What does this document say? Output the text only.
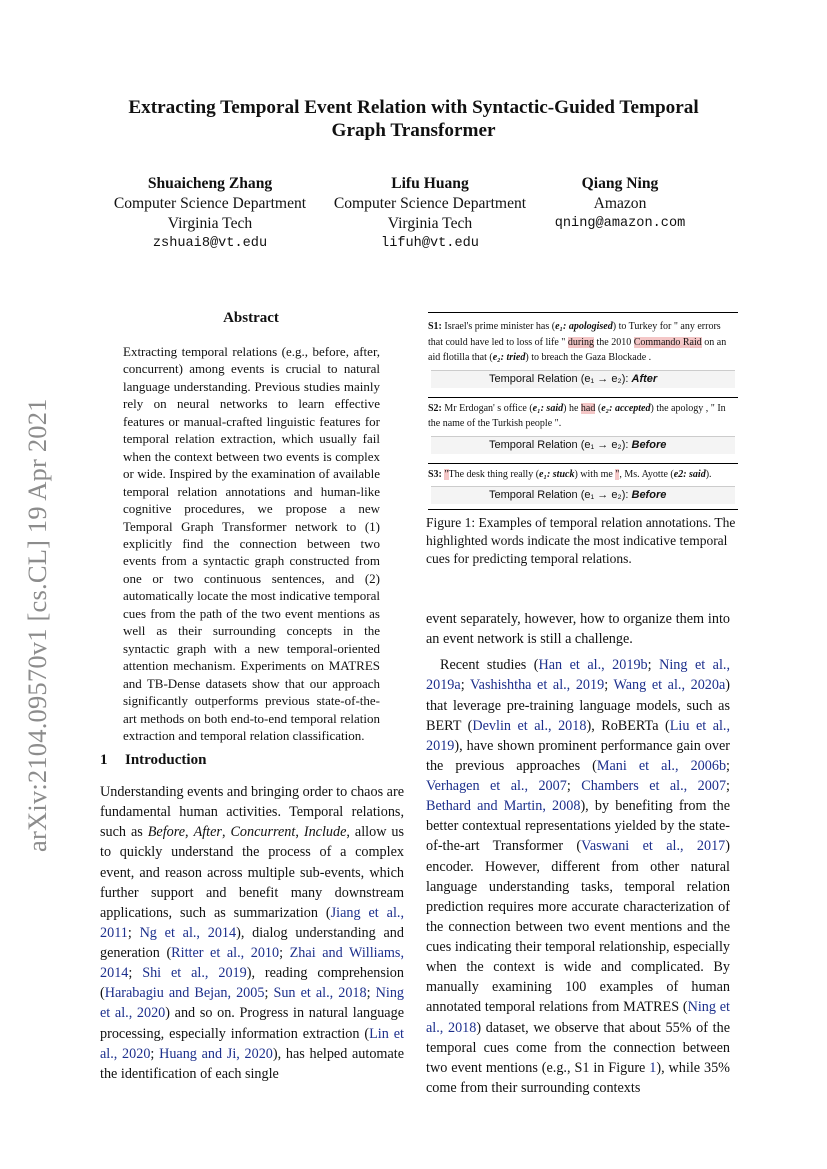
arXiv:2104.09570v1 [cs.CL] 19 Apr 2021
Extracting Temporal Event Relation with Syntactic-Guided Temporal
Graph Transformer
Shuaicheng Zhang
Computer Science Department
Virginia Tech
zshuai8@vt.edu
Lifu Huang
Computer Science Department
Virginia Tech
lifuh@vt.edu
Qiang Ning
Amazon
qning@amazon.com
Abstract
Extracting temporal relations (e.g., before, after, concurrent) among events is crucial to natural language understanding. Previous studies mainly rely on neural networks to learn effective features or manual-crafted linguistic features for temporal relation extraction, which usually fail when the context between two events is complex or wide. Inspired by the examination of available temporal relation annotations and human-like cognitive procedures, we propose a new Temporal Graph Transformer network to (1) explicitly find the connection between two events from a syntactic graph constructed from one or two continuous sentences, and (2) automatically locate the most indicative temporal cues from the path of the two event mentions as well as their surrounding concepts in the syntactic graph with a new temporal-oriented attention mechanism. Experiments on MATRES and TB-Dense datasets show that our approach significantly outperforms previous state-of-the-art methods on both end-to-end temporal relation extraction and temporal relation classification.
1 Introduction

Understanding events and bringing order to chaos are fundamental human activities. Temporal relations, such as Before, After, Concurrent, Include, allow us to quickly understand the process of a complex event, and reason across multiple sub-events, which further support and benefit many downstream applications, such as summarization (Jiang et al., 2011; Ng et al., 2014), dialog understanding and generation (Ritter et al., 2010; Zhai and Williams, 2014; Shi et al., 2019), reading comprehension (Harabagiu and Bejan, 2005; Sun et al., 2018; Ning et al., 2020) and so on. Progress in natural language processing, especially information extraction (Lin et al., 2020; Huang and Ji, 2020), has helped automate the identification of each single

S1: Israel's prime minister has (e₁: apologised) to Turkey for " any errors that could have led to loss of life " during the 2010 Commando Raid on an aid flotilla that (e₂: tried) to breach the Gaza Blockade .
Temporal Relation (e₁ → e₂): After
S2: Mr Erdogan' s office (e₁: said) he had (e₂: accepted) the apology , " In the name of the Turkish people ".
Temporal Relation (e₁ → e₂): Before
S3: "The desk thing really (e₁: stuck) with me ", Ms. Ayotte (e2: said).
Temporal Relation (e₁ → e₂): Before
Figure 1: Examples of temporal relation annotations. The highlighted words indicate the most indicative temporal cues for predicting temporal relations.

event separately, however, how to organize them into an event network is still a challenge.

Recent studies (Han et al., 2019b; Ning et al., 2019a; Vashishtha et al., 2019; Wang et al., 2020a) that leverage pre-training language models, such as BERT (Devlin et al., 2018), RoBERTa (Liu et al., 2019), have shown prominent performance gain over the previous approaches (Mani et al., 2006b; Verhagen et al., 2007; Chambers et al., 2007; Bethard and Martin, 2008), by benefiting from the better contextual representations yielded by the state-of-the-art Transformer (Vaswani et al., 2017) encoder. However, different from other natural language understanding tasks, temporal relation prediction requires more accurate characterization of the connection between two event mentions and the cues indicating their temporal relationship, especially when the context is wide and complicated. By manually examining 100 examples of human annotated temporal relations from MATRES (Ning et al., 2018) dataset, we observe that about 55% of the temporal cues come from the connection between two event mentions (e.g., S1 in Figure 1), while 35% come from their surrounding contexts
